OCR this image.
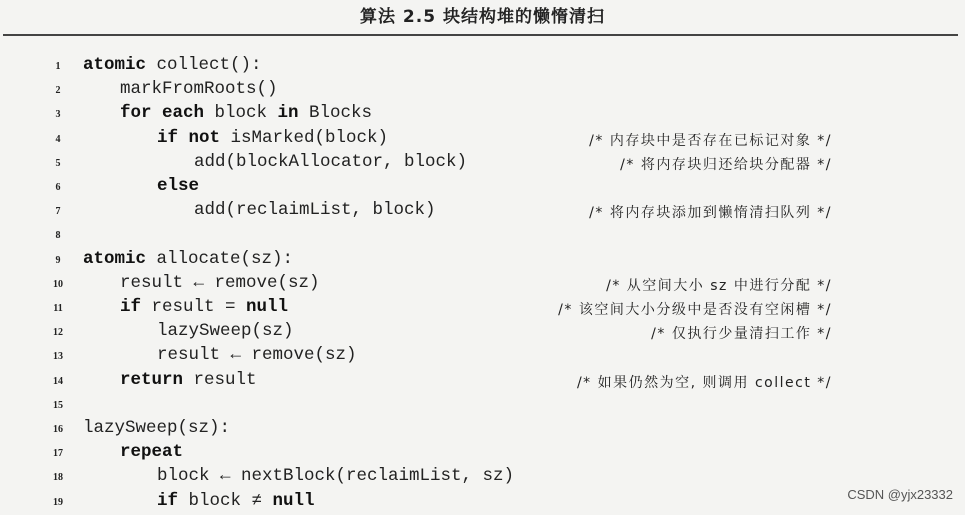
算法 2.5 块结构堆的懒惰清扫
1	atomic collect():
2	markFromRoots()
3	for each block in Blocks
4	if not isMarked(block)	/* 内存块中是否存在已标记对象 */
5	add(blockAllocator, block)	/* 将内存块归还给块分配器 */
6	else
7	add(reclaimList, block)	/* 将内存块添加到懒惰清扫队列 */
8
9	atomic allocate(sz):
10	result ← remove(sz)	/* 从空间大小 sz 中进行分配 */
11	if result = null	/* 该空间大小分级中是否没有空闲槽 */
12	lazySweep(sz)	/* 仅执行少量清扫工作 */
13	result ← remove(sz)
14	return result	/* 如果仍然为空, 则调用 collect */
15
16 lazySweep(sz):
17	repeat
18	block ← nextBlock(reclaimList, sz)
19	if block ≠ null	CSDN @yjx23332
